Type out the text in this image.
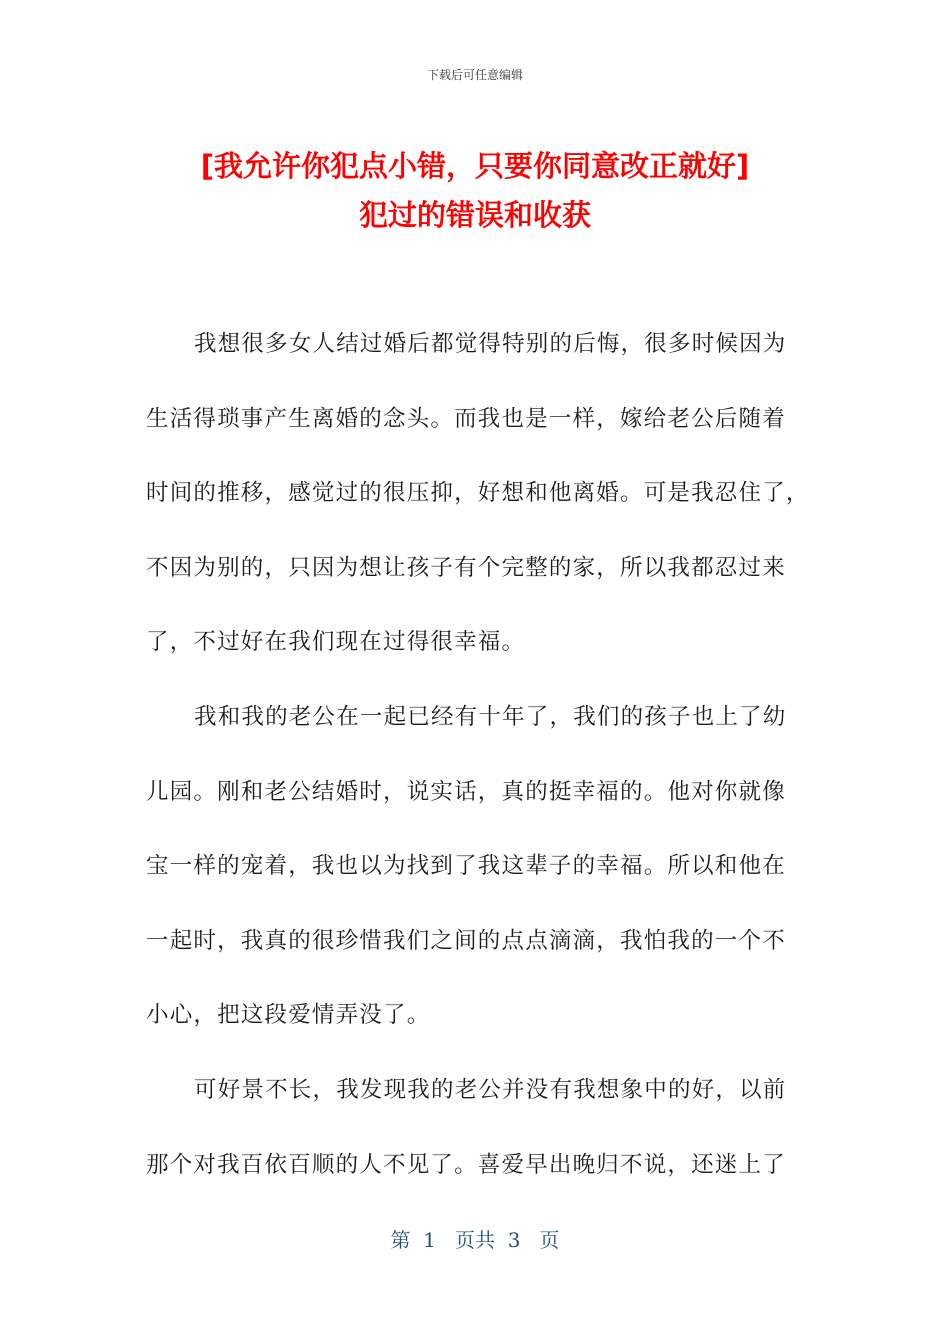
下载后可任意编辑
[我允许你犯点小错，只要你同意改正就好]
犯过的错误和收获
我想很多女人结过婚后都觉得特别的后悔，很多时候因为
生活得琐事产生离婚的念头。而我也是一样，嫁给老公后随着
时间的推移，感觉过的很压抑，好想和他离婚。可是我忍住了，
不因为别的，只因为想让孩子有个完整的家，所以我都忍过来
了，不过好在我们现在过得很幸福。
我和我的老公在一起已经有十年了，我们的孩子也上了幼
儿园。刚和老公结婚时，说实话，真的挺幸福的。他对你就像
宝一样的宠着，我也以为找到了我这辈子的幸福。所以和他在
一起时，我真的很珍惜我们之间的点点滴滴，我怕我的一个不
小心，把这段爱情弄没了。
可好景不长，我发现我的老公并没有我想象中的好，以前
那个对我百依百顺的人不见了。喜爱早出晚归不说，还迷上了
第  1   页共  3   页
